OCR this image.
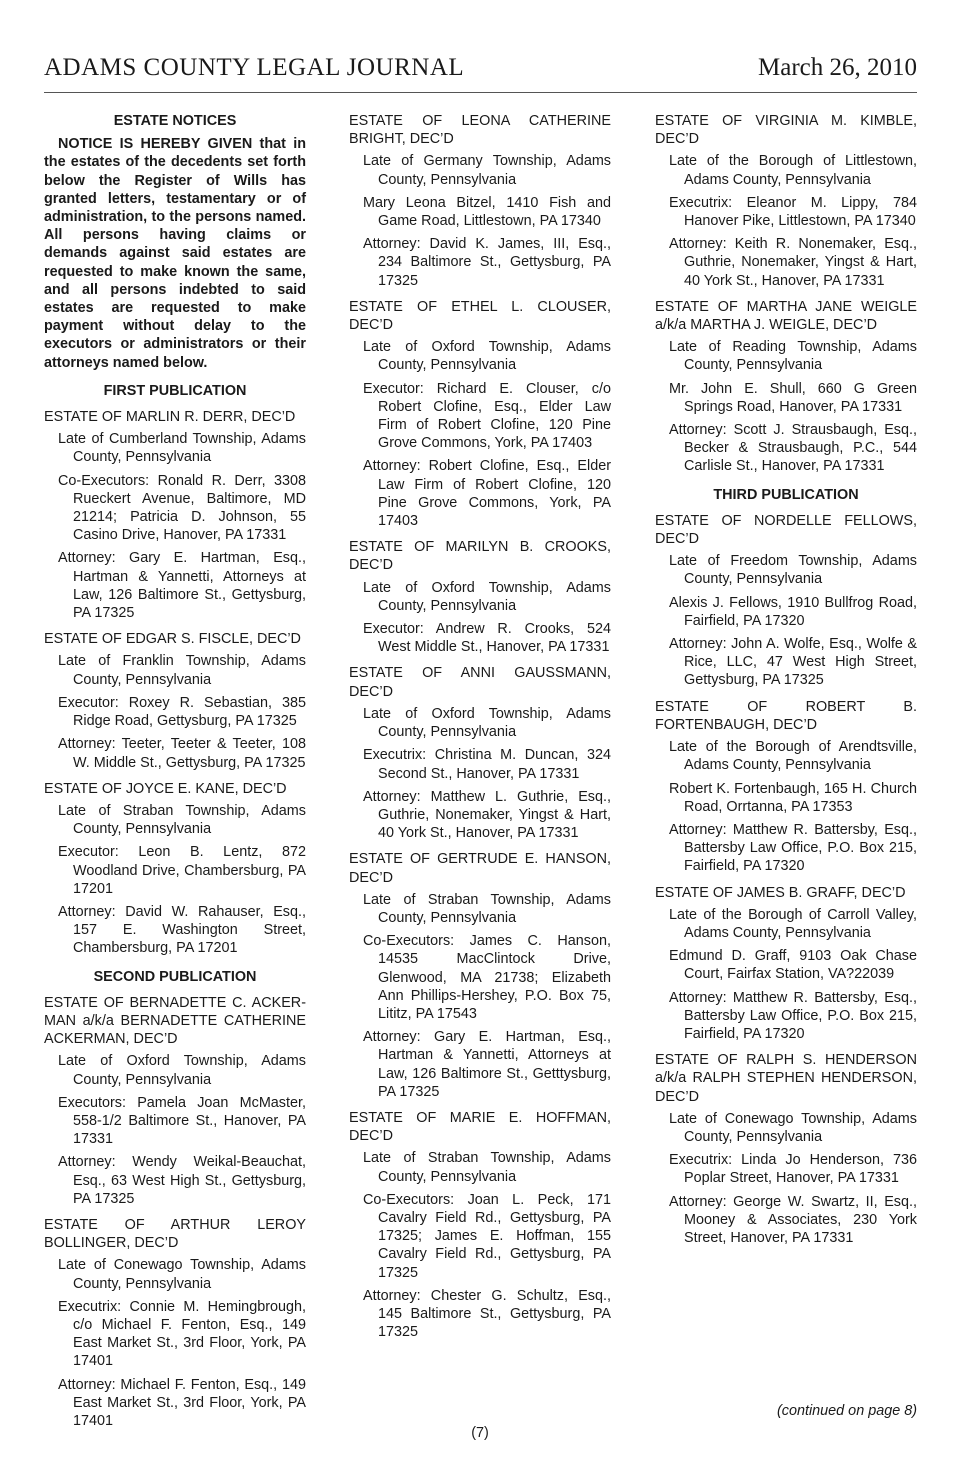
ADAMS COUNTY LEGAL JOURNAL	March 26, 2010
ESTATE NOTICES

NOTICE IS HEREBY GIVEN that in the estates of the decedents set forth below the Register of Wills has granted letters, testamentary or of administration, to the persons named. All persons having claims or demands against said estates are requested to make known the same, and all persons indebted to said estates are requested to make payment without delay to the executors or administrators or their attorneys named below.

FIRST PUBLICATION
ESTATE OF MARLIN R. DERR, DEC’D
Late of Cumberland Township, Adams County, Pennsylvania
Co-Executors: Ronald R. Derr, 3308 Rueckert Avenue, Baltimore, MD 21214; Patricia D. Johnson, 55 Casino Drive, Hanover, PA 17331
Attorney: Gary E. Hartman, Esq., Hartman & Yannetti, Attorneys at Law, 126 Baltimore St., Gettysburg, PA 17325
ESTATE OF EDGAR S. FISCLE, DEC’D
Late of Franklin Township, Adams County, Pennsylvania
Executor: Roxey R. Sebastian, 385 Ridge Road, Gettysburg, PA 17325
Attorney: Teeter, Teeter & Teeter, 108 W. Middle St., Gettysburg, PA 17325
ESTATE OF JOYCE E. KANE, DEC’D
Late of Straban Township, Adams County, Pennsylvania
Executor: Leon B. Lentz, 872 Woodland Drive, Chambersburg, PA 17201
Attorney: David W. Rahauser, Esq., 157 E. Washington Street, Chambersburg, PA 17201
SECOND PUBLICATION
ESTATE OF BERNADETTE C. ACKER-MAN a/k/a BERNADETTE CATHERINE ACKERMAN, DEC’D
Late of Oxford Township, Adams County, Pennsylvania
Executors: Pamela Joan McMaster, 558-1/2 Baltimore St., Hanover, PA 17331
Attorney: Wendy Weikal-Beauchat, Esq., 63 West High St., Gettysburg, PA 17325
ESTATE OF ARTHUR LEROY BOLLINGER, DEC’D
Late of Conewago Township, Adams County, Pennsylvania
Executrix: Connie M. Hemingbrough, c/o Michael F. Fenton, Esq., 149 East Market St., 3rd Floor, York, PA 17401
Attorney: Michael F. Fenton, Esq., 149 East Market St., 3rd Floor, York, PA 17401
ESTATE OF LEONA CATHERINE BRIGHT, DEC’D
Late of Germany Township, Adams County, Pennsylvania
Mary Leona Bitzel, 1410 Fish and Game Road, Littlestown, PA 17340
Attorney: David K. James, III, Esq., 234 Baltimore St., Gettysburg, PA 17325
ESTATE OF ETHEL L. CLOUSER, DEC’D
Late of Oxford Township, Adams County, Pennsylvania
Executor: Richard E. Clouser, c/o Robert Clofine, Esq., Elder Law Firm of Robert Clofine, 120 Pine Grove Commons, York, PA 17403
Attorney: Robert Clofine, Esq., Elder Law Firm of Robert Clofine, 120 Pine Grove Commons, York, PA 17403
ESTATE OF MARILYN B. CROOKS, DEC’D
Late of Oxford Township, Adams County, Pennsylvania
Executor: Andrew R. Crooks, 524 West Middle St., Hanover, PA 17331
ESTATE OF ANNI GAUSSMANN, DEC’D
Late of Oxford Township, Adams County, Pennsylvania
Executrix: Christina M. Duncan, 324 Second St., Hanover, PA 17331
Attorney: Matthew L. Guthrie, Esq., Guthrie, Nonemaker, Yingst & Hart, 40 York St., Hanover, PA 17331
ESTATE OF GERTRUDE E. HANSON, DEC’D
Late of Straban Township, Adams County, Pennsylvania
Co-Executors: James C. Hanson, 14535 MacClintock Drive, Glenwood, MA 21738; Elizabeth Ann Phillips-Hershey, P.O. Box 75, Lititz, PA 17543
Attorney: Gary E. Hartman, Esq., Hartman & Yannetti, Attorneys at Law, 126 Baltimore St., Getttysburg, PA 17325
ESTATE OF MARIE E. HOFFMAN, DEC’D
Late of Straban Township, Adams County, Pennsylvania
Co-Executors: Joan L. Peck, 171 Cavalry Field Rd., Gettysburg, PA 17325; James E. Hoffman, 155 Cavalry Field Rd., Gettysburg, PA 17325
Attorney: Chester G. Schultz, Esq., 145 Baltimore St., Gettysburg, PA 17325
ESTATE OF VIRGINIA M. KIMBLE, DEC’D
Late of the Borough of Littlestown, Adams County, Pennsylvania
Executrix: Eleanor M. Lippy, 784 Hanover Pike, Littlestown, PA 17340
Attorney: Keith R. Nonemaker, Esq., Guthrie, Nonemaker, Yingst & Hart, 40 York St., Hanover, PA 17331
ESTATE OF MARTHA JANE WEIGLE a/k/a MARTHA J. WEIGLE, DEC’D
Late of Reading Township, Adams County, Pennsylvania
Mr. John E. Shull, 660 G Green Springs Road, Hanover, PA 17331
Attorney: Scott J. Strausbaugh, Esq., Becker & Strausbaugh, P.C., 544 Carlisle St., Hanover, PA 17331
THIRD PUBLICATION
ESTATE OF NORDELLE FELLOWS, DEC’D
Late of Freedom Township, Adams County, Pennsylvania
Alexis J. Fellows, 1910 Bullfrog Road, Fairfield, PA 17320
Attorney: John A. Wolfe, Esq., Wolfe & Rice, LLC, 47 West High Street, Gettysburg, PA 17325
ESTATE OF ROBERT B. FORTENBAUGH, DEC’D
Late of the Borough of Arendtsville, Adams County, Pennsylvania
Robert K. Fortenbaugh, 165 H. Church Road, Orrtanna, PA 17353
Attorney: Matthew R. Battersby, Esq., Battersby Law Office, P.O. Box 215, Fairfield, PA 17320
ESTATE OF JAMES B. GRAFF, DEC’D
Late of the Borough of Carroll Valley, Adams County, Pennsylvania
Edmund D. Graff, 9103 Oak Chase Court, Fairfax Station, VA?22039
Attorney: Matthew R. Battersby, Esq., Battersby Law Office, P.O. Box 215, Fairfield, PA 17320
ESTATE OF RALPH S. HENDERSON a/k/a RALPH STEPHEN HENDERSON, DEC’D
Late of Conewago Township, Adams County, Pennsylvania
Executrix: Linda Jo Henderson, 736 Poplar Street, Hanover, PA 17331
Attorney: George W. Swartz, II, Esq., Mooney & Associates, 230 York Street, Hanover, PA 17331
(continued on page 8)
(7)
